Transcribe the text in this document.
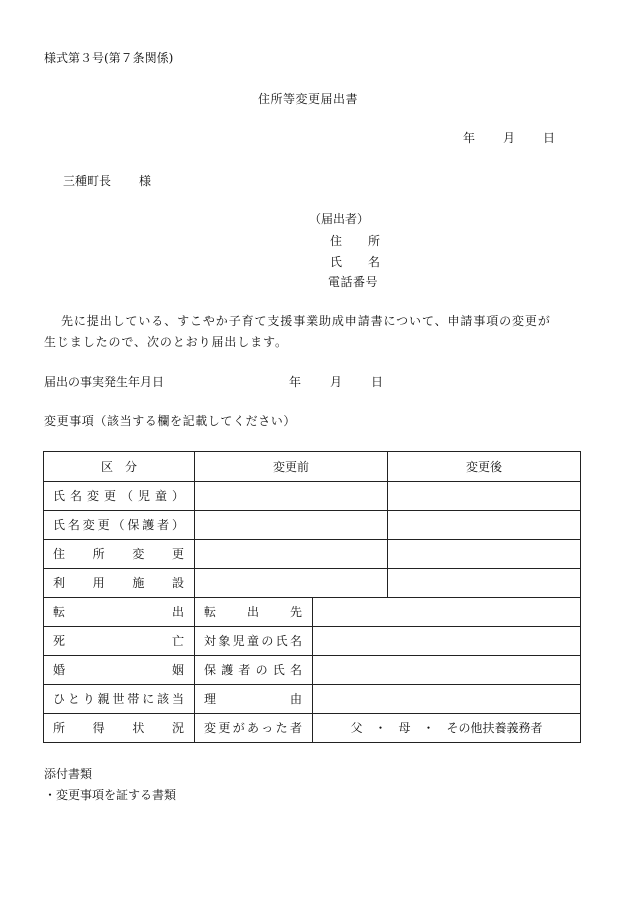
様式第３号(第７条関係)
住所等変更届出書
年 月 日
三種町長 様
（届出者）
住 所
氏 名
電話番号
先に提出している、すこやか子育て支援事業助成申請書について、申請事項の変更が
生じましたので、次のとおり届出します。
届出の事実発生年月日	年 月 日
変更事項（該当する欄を記載してください）
区　分	変更前		変更後
氏名変更（児童）			
氏名変更（保護者）			
住所変更			
利用施設			
転出	転出先		
死亡	対象児童の氏名		
婚姻	保護者の氏名		
ひとり親世帯に該当	理由		
所得状況	変更があった者	父　・　母　・　その他扶養義務者	
添付書類
・変更事項を証する書類
